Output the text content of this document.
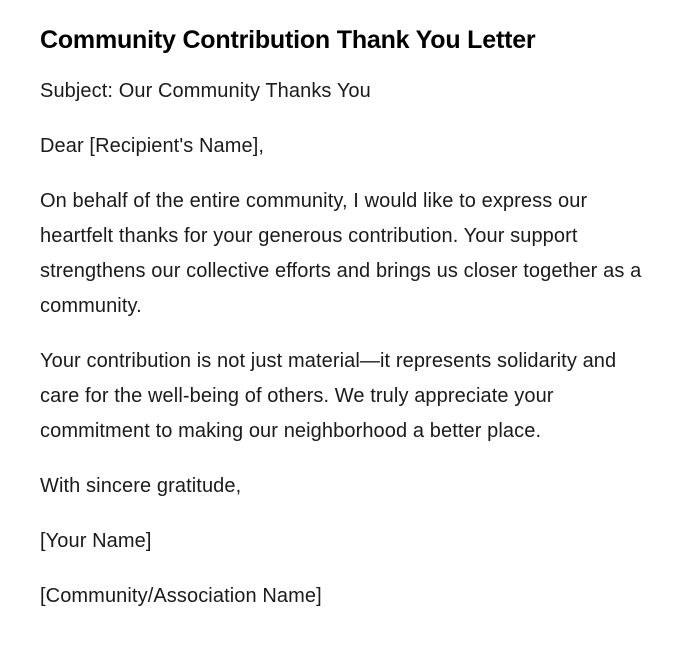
Community Contribution Thank You Letter

Subject: Our Community Thanks You

Dear [Recipient's Name],

On behalf of the entire community, I would like to express our heartfelt thanks for your generous contribution. Your support strengthens our collective efforts and brings us closer together as a community.

Your contribution is not just material—it represents solidarity and care for the well-being of others. We truly appreciate your commitment to making our neighborhood a better place.

With sincere gratitude,

[Your Name]

[Community/Association Name]
